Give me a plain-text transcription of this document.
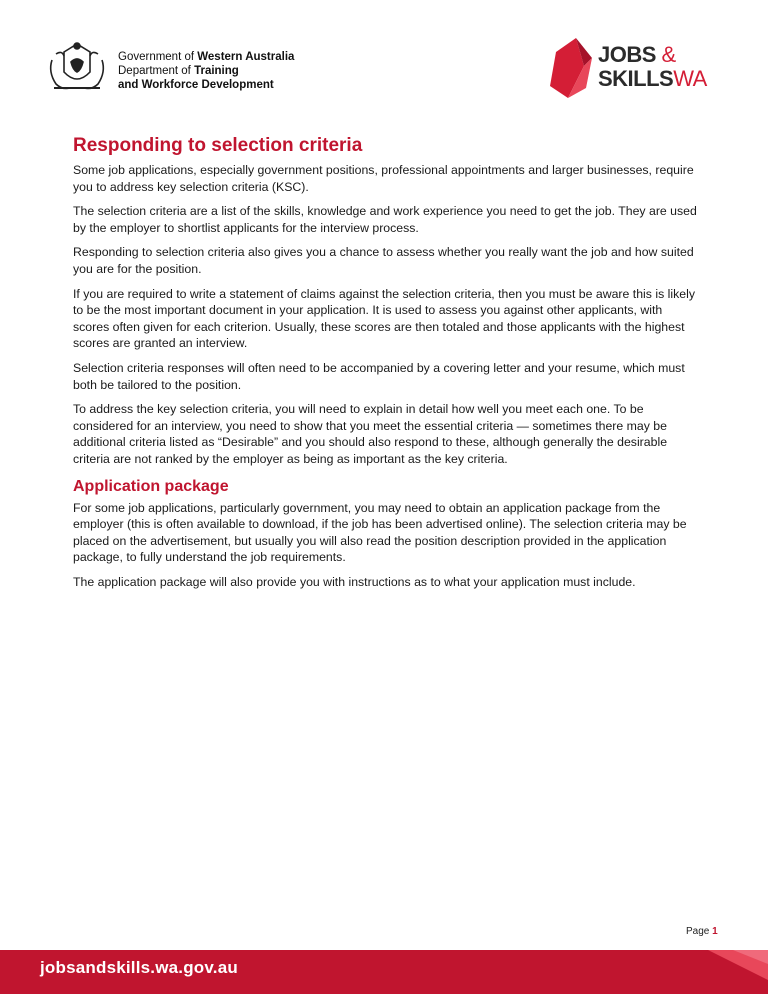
Government of Western Australia
Department of Training
and Workforce Development
JOBS &
SKILLSWA
Responding to selection criteria

Some job applications, especially government positions, professional appointments and larger businesses, require you to address key selection criteria (KSC).

The selection criteria are a list of the skills, knowledge and work experience you need to get the job. They are used by the employer to shortlist applicants for the interview process.

Responding to selection criteria also gives you a chance to assess whether you really want the job and how suited you are for the position.

If you are required to write a statement of claims against the selection criteria, then you must be aware this is likely to be the most important document in your application. It is used to assess you against other applicants, with scores often given for each criterion. Usually, these scores are then totaled and those applicants with the highest scores are granted an interview.

Selection criteria responses will often need to be accompanied by a covering letter and your resume, which must both be tailored to the position.

To address the key selection criteria, you will need to explain in detail how well you meet each one. To be considered for an interview, you need to show that you meet the essential criteria — sometimes there may be additional criteria listed as “Desirable” and you should also respond to these, although generally the desirable criteria are not ranked by the employer as being as important as the key criteria.

Application package

For some job applications, particularly government, you may need to obtain an application package from the employer (this is often available to download, if the job has been advertised online). The selection criteria may be placed on the advertisement, but usually you will also read the position description provided in the application package, to fully understand the job requirements.

The application package will also provide you with instructions as to what your application must include.

Page 1
jobsandskills.wa.gov.au
